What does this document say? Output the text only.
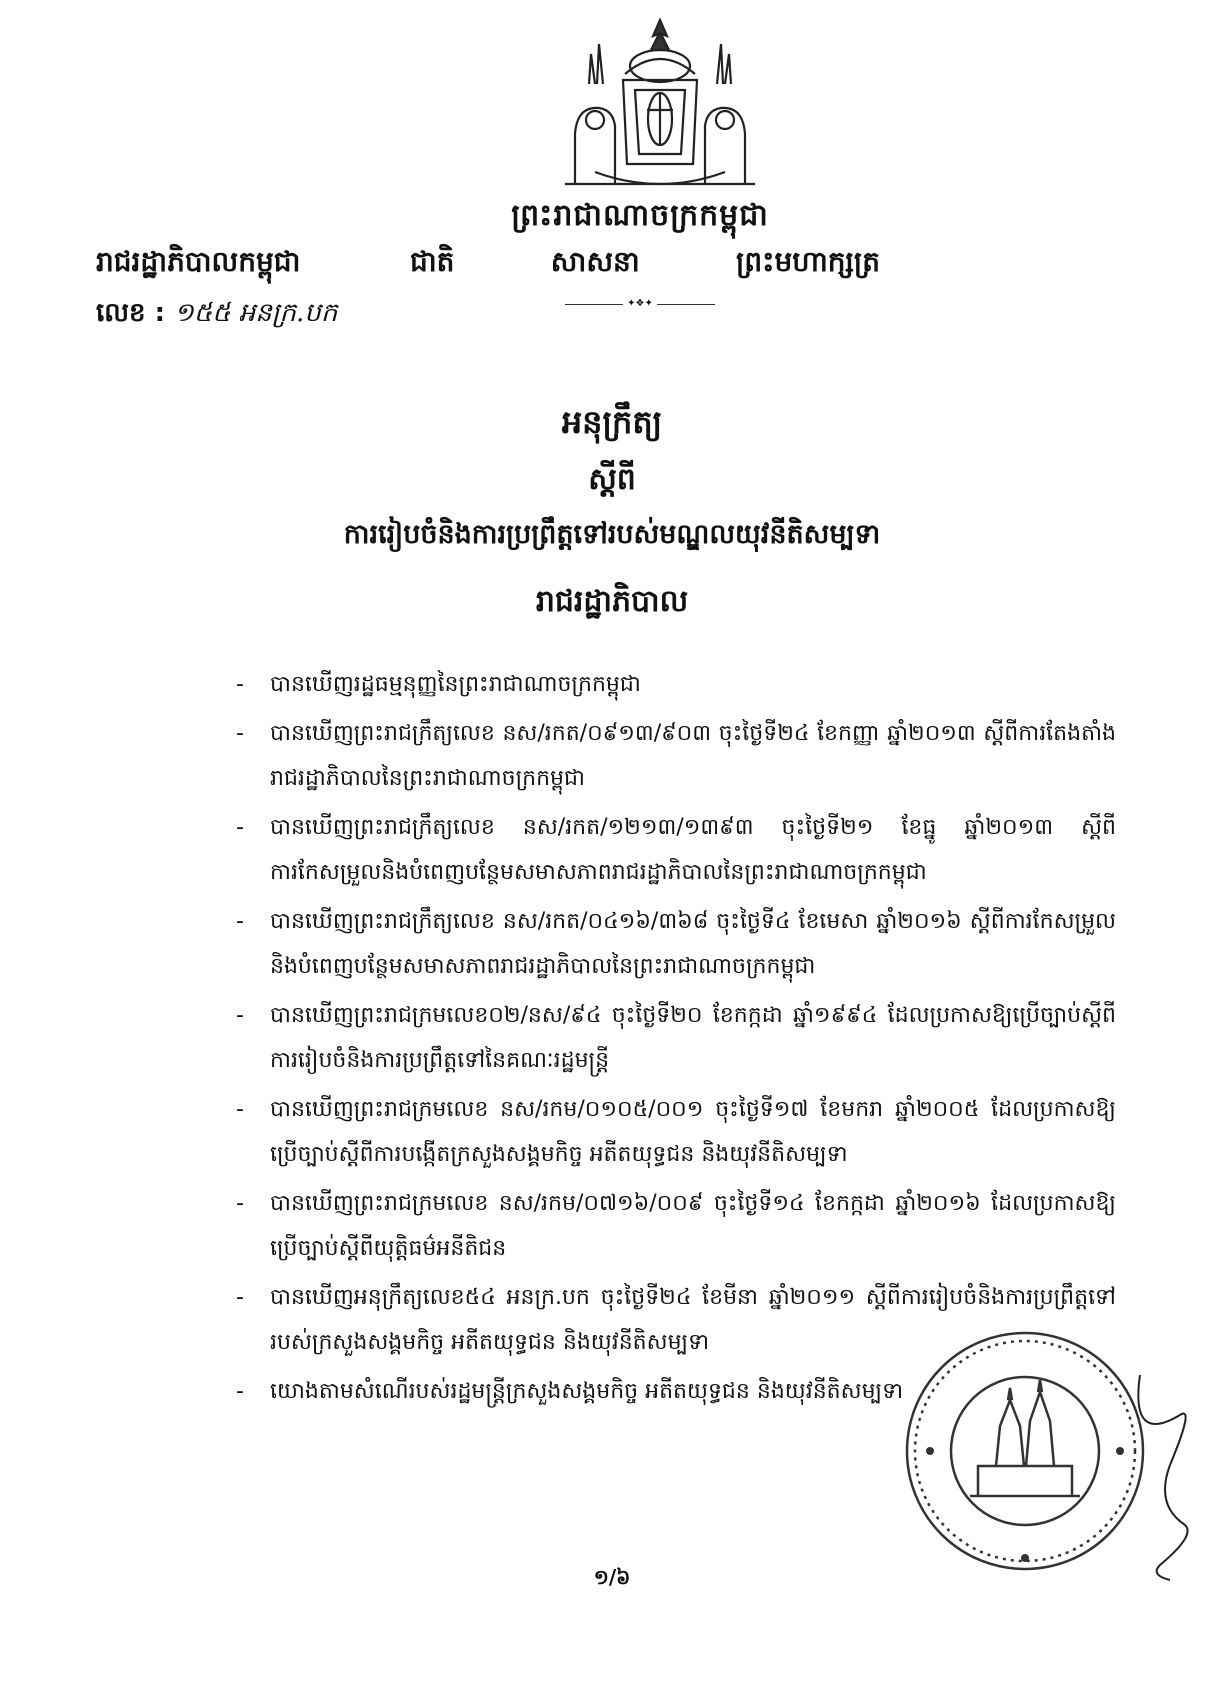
ព្រះរាជាណាចក្រកម្ពុជា
ជាតិ	សាសនា	ព្រះមហាក្សត្រ
✦❖✦
រាជរដ្ឋាភិបាលកម្ពុជា
លេខ : ១៥៥ អនក្រ.បក
អនុក្រឹត្យ
ស្តីពី
ការរៀបចំនិងការប្រព្រឹត្តទៅរបស់មណ្ឌលយុវនីតិសម្បទា
រាជរដ្ឋាភិបាល
- បានឃើញរដ្ឋធម្មនុញ្ញនៃព្រះរាជាណាចក្រកម្ពុជា
- បានឃើញព្រះរាជក្រឹត្យលេខ នស/រកត/០៩១៣/៩០៣ ចុះថ្ងៃទី២៤ ខែកញ្ញា ឆ្នាំ២០១៣ ស្តីពីការតែងតាំងរាជរដ្ឋាភិបាលនៃព្រះរាជាណាចក្រកម្ពុជា
- បានឃើញព្រះរាជក្រឹត្យលេខ នស/រកត/១២១៣/១៣៩៣ ចុះថ្ងៃទី២១ ខែធ្នូ ឆ្នាំ២០១៣ ស្តីពីការកែសម្រួលនិងបំពេញបន្ថែមសមាសភាពរាជរដ្ឋាភិបាលនៃព្រះរាជាណាចក្រកម្ពុជា
- បានឃើញព្រះរាជក្រឹត្យលេខ នស/រកត/០៤១៦/៣៦៨ ចុះថ្ងៃទី៤ ខែមេសា ឆ្នាំ២០១៦ ស្តីពីការកែសម្រួលនិងបំពេញបន្ថែមសមាសភាពរាជរដ្ឋាភិបាលនៃព្រះរាជាណាចក្រកម្ពុជា
- បានឃើញព្រះរាជក្រមលេខ០២/នស/៩៤ ចុះថ្ងៃទី២០ ខែកក្កដា ឆ្នាំ១៩៩៤ ដែលប្រកាសឱ្យប្រើច្បាប់ស្តីពីការរៀបចំនិងការប្រព្រឹត្តទៅនៃគណៈរដ្ឋមន្ត្រី
- បានឃើញព្រះរាជក្រមលេខ នស/រកម/០១០៥/០០១ ចុះថ្ងៃទី១៧ ខែមករា ឆ្នាំ២០០៥ ដែលប្រកាសឱ្យប្រើច្បាប់ស្តីពីការបង្កើតក្រសួងសង្គមកិច្ច អតីតយុទ្ធជន និងយុវនីតិសម្បទា
- បានឃើញព្រះរាជក្រមលេខ នស/រកម/០៧១៦/០០៩ ចុះថ្ងៃទី១៤ ខែកក្កដា ឆ្នាំ២០១៦ ដែលប្រកាសឱ្យប្រើច្បាប់ស្តីពីយុត្តិធម៌អនីតិជន
- បានឃើញអនុក្រឹត្យលេខ៥៤ អនក្រ.បក ចុះថ្ងៃទី២៤ ខែមីនា ឆ្នាំ២០១១ ស្តីពីការរៀបចំនិងការប្រព្រឹត្តទៅរបស់ក្រសួងសង្គមកិច្ច អតីតយុទ្ធជន និងយុវនីតិសម្បទា
- យោងតាមសំណើរបស់រដ្ឋមន្ត្រីក្រសួងសង្គមកិច្ច អតីតយុទ្ធជន និងយុវនីតិសម្បទា
១/៦
